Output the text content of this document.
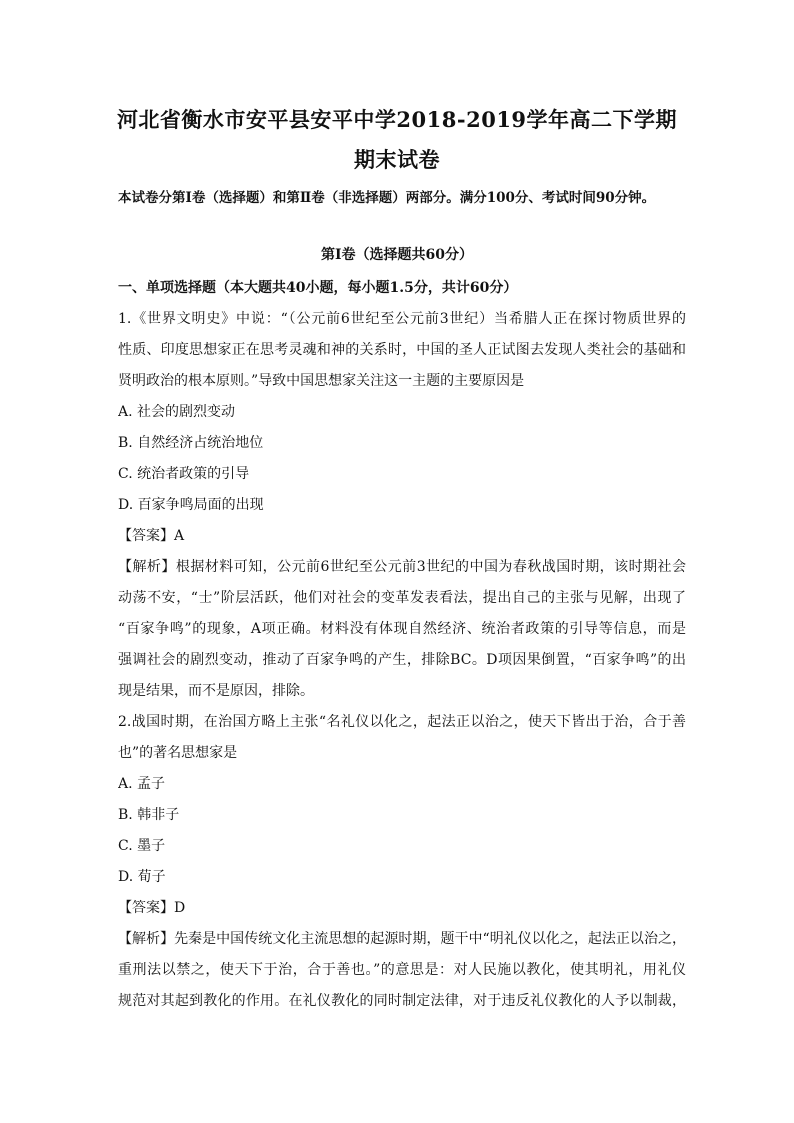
河北省衡水市安平县安平中学2018-2019学年高二下学期
期末试卷
本试卷分第Ⅰ卷（选择题）和第Ⅱ卷（非选择题）两部分。满分100分、考试时间90分钟。
第Ⅰ卷（选择题共60分）
一、单项选择题（本大题共40小题，每小题1.5分，共计60分）
1.《世界文明史》中说：“（公元前6世纪至公元前3世纪）当希腊人正在探讨物质世界的
性质、印度思想家正在思考灵魂和神的关系时，中国的圣人正试图去发现人类社会的基础和
贤明政治的根本原则。”导致中国思想家关注这一主题的主要原因是
A. 社会的剧烈变动
B. 自然经济占统治地位
C. 统治者政策的引导
D. 百家争鸣局面的出现
【答案】A
【解析】根据材料可知，公元前6世纪至公元前3世纪的中国为春秋战国时期，该时期社会
动荡不安，“士”阶层活跃，他们对社会的变革发表看法，提出自己的主张与见解，出现了
“百家争鸣”的现象，A项正确。材料没有体现自然经济、统治者政策的引导等信息，而是
强调社会的剧烈变动，推动了百家争鸣的产生，排除BC。D项因果倒置，“百家争鸣”的出
现是结果，而不是原因，排除。
2.战国时期，在治国方略上主张“名礼仪以化之，起法正以治之，使天下皆出于治，合于善
也”的著名思想家是
A. 孟子
B. 韩非子
C. 墨子
D. 荀子
【答案】D
【解析】先秦是中国传统文化主流思想的起源时期，题干中“明礼仪以化之，起法正以治之，
重刑法以禁之，使天下于治，合于善也。”的意思是：对人民施以教化，使其明礼，用礼仪
规范对其起到教化的作用。在礼仪教化的同时制定法律，对于违反礼仪教化的人予以制裁，
